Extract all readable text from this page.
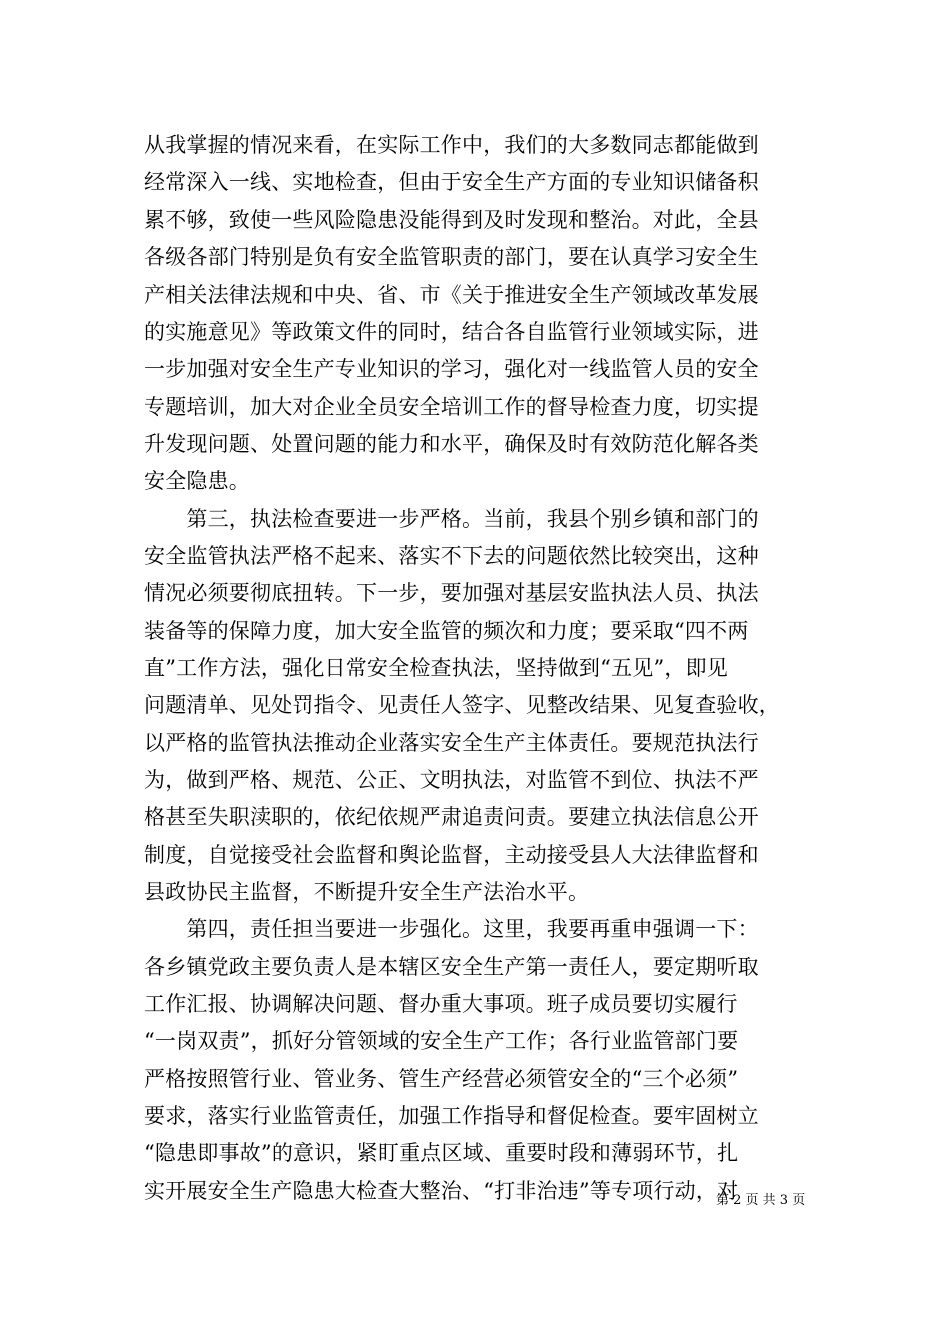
从我掌握的情况来看，在实际工作中，我们的大多数同志都能做到
经常深入一线、实地检查，但由于安全生产方面的专业知识储备积
累不够，致使一些风险隐患没能得到及时发现和整治。对此，全县
各级各部门特别是负有安全监管职责的部门，要在认真学习安全生
产相关法律法规和中央、省、市《关于推进安全生产领域改革发展
的实施意见》等政策文件的同时，结合各自监管行业领域实际，进
一步加强对安全生产专业知识的学习，强化对一线监管人员的安全
专题培训，加大对企业全员安全培训工作的督导检查力度，切实提
升发现问题、处置问题的能力和水平，确保及时有效防范化解各类
安全隐患。
　　第三，执法检查要进一步严格。当前，我县个别乡镇和部门的
安全监管执法严格不起来、落实不下去的问题依然比较突出，这种
情况必须要彻底扭转。下一步，要加强对基层安监执法人员、执法
装备等的保障力度，加大安全监管的频次和力度；要采取“四不两
直”工作方法，强化日常安全检查执法，坚持做到“五见”，即见
问题清单、见处罚指令、见责任人签字、见整改结果、见复查验收，
以严格的监管执法推动企业落实安全生产主体责任。要规范执法行
为，做到严格、规范、公正、文明执法，对监管不到位、执法不严
格甚至失职渎职的，依纪依规严肃追责问责。要建立执法信息公开
制度，自觉接受社会监督和舆论监督，主动接受县人大法律监督和
县政协民主监督，不断提升安全生产法治水平。
　　第四，责任担当要进一步强化。这里，我要再重申强调一下：
各乡镇党政主要负责人是本辖区安全生产第一责任人，要定期听取
工作汇报、协调解决问题、督办重大事项。班子成员要切实履行
“一岗双责”，抓好分管领域的安全生产工作；各行业监管部门要
严格按照管行业、管业务、管生产经营必须管安全的“三个必须”
要求，落实行业监管责任，加强工作指导和督促检查。要牢固树立
“隐患即事故”的意识，紧盯重点区域、重要时段和薄弱环节，扎
实开展安全生产隐患大检查大整治、“打非治违”等专项行动，对
第 2 页 共 3 页
